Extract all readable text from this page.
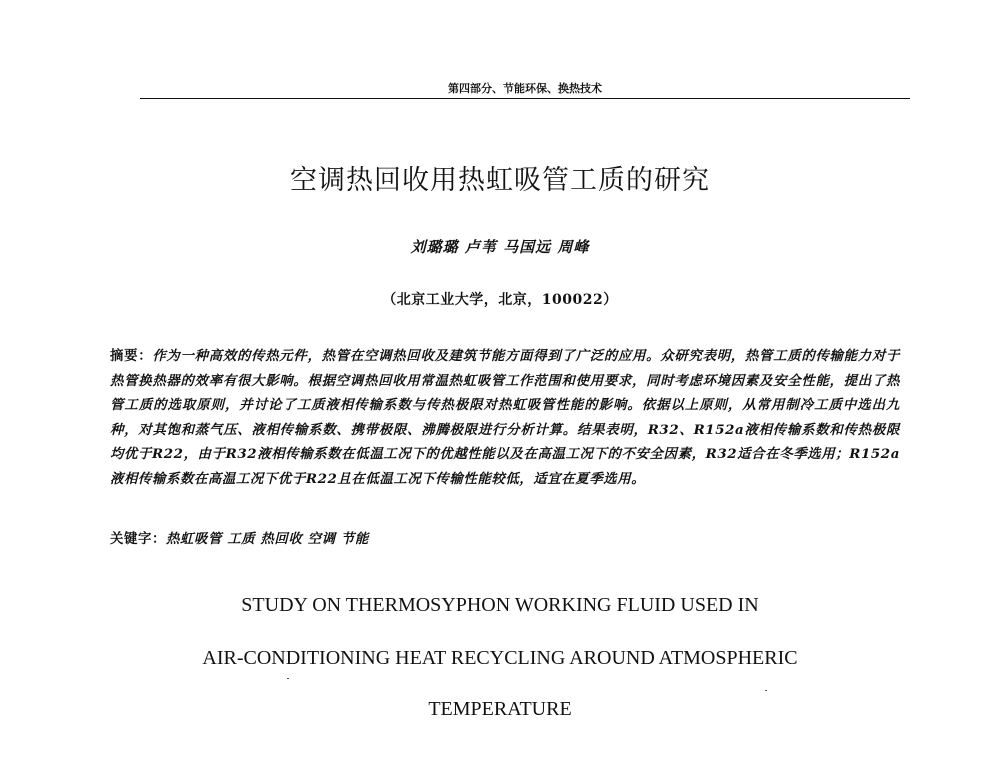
第四部分、节能环保、换热技术
空调热回收用热虹吸管工质的研究
刘璐璐 卢苇 马国远 周峰
（北京工业大学，北京，100022）
摘要：作为一种高效的传热元件，热管在空调热回收及建筑节能方面得到了广泛的应用。众研究表明，热管工质的传输能力对于热管换热器的效率有很大影响。根据空调热回收用常温热虹吸管工作范围和使用要求，同时考虑环境因素及安全性能，提出了热管工质的选取原则，并讨论了工质液相传输系数与传热极限对热虹吸管性能的影响。依据以上原则，从常用制冷工质中选出九种，对其饱和蒸气压、液相传输系数、携带极限、沸腾极限进行分析计算。结果表明，R32、R152a液相传输系数和传热极限均优于R22，由于R32液相传输系数在低温工况下的优越性能以及在高温工况下的不安全因素，R32适合在冬季选用；R152a液相传输系数在高温工况下优于R22且在低温工况下传输性能较低，适宜在夏季选用。
关键字：热虹吸管 工质 热回收 空调 节能
STUDY ON THERMOSYPHON WORKING FLUID USED IN
AIR-CONDITIONING HEAT RECYCLING AROUND ATMOSPHERIC
TEMPERATURE
